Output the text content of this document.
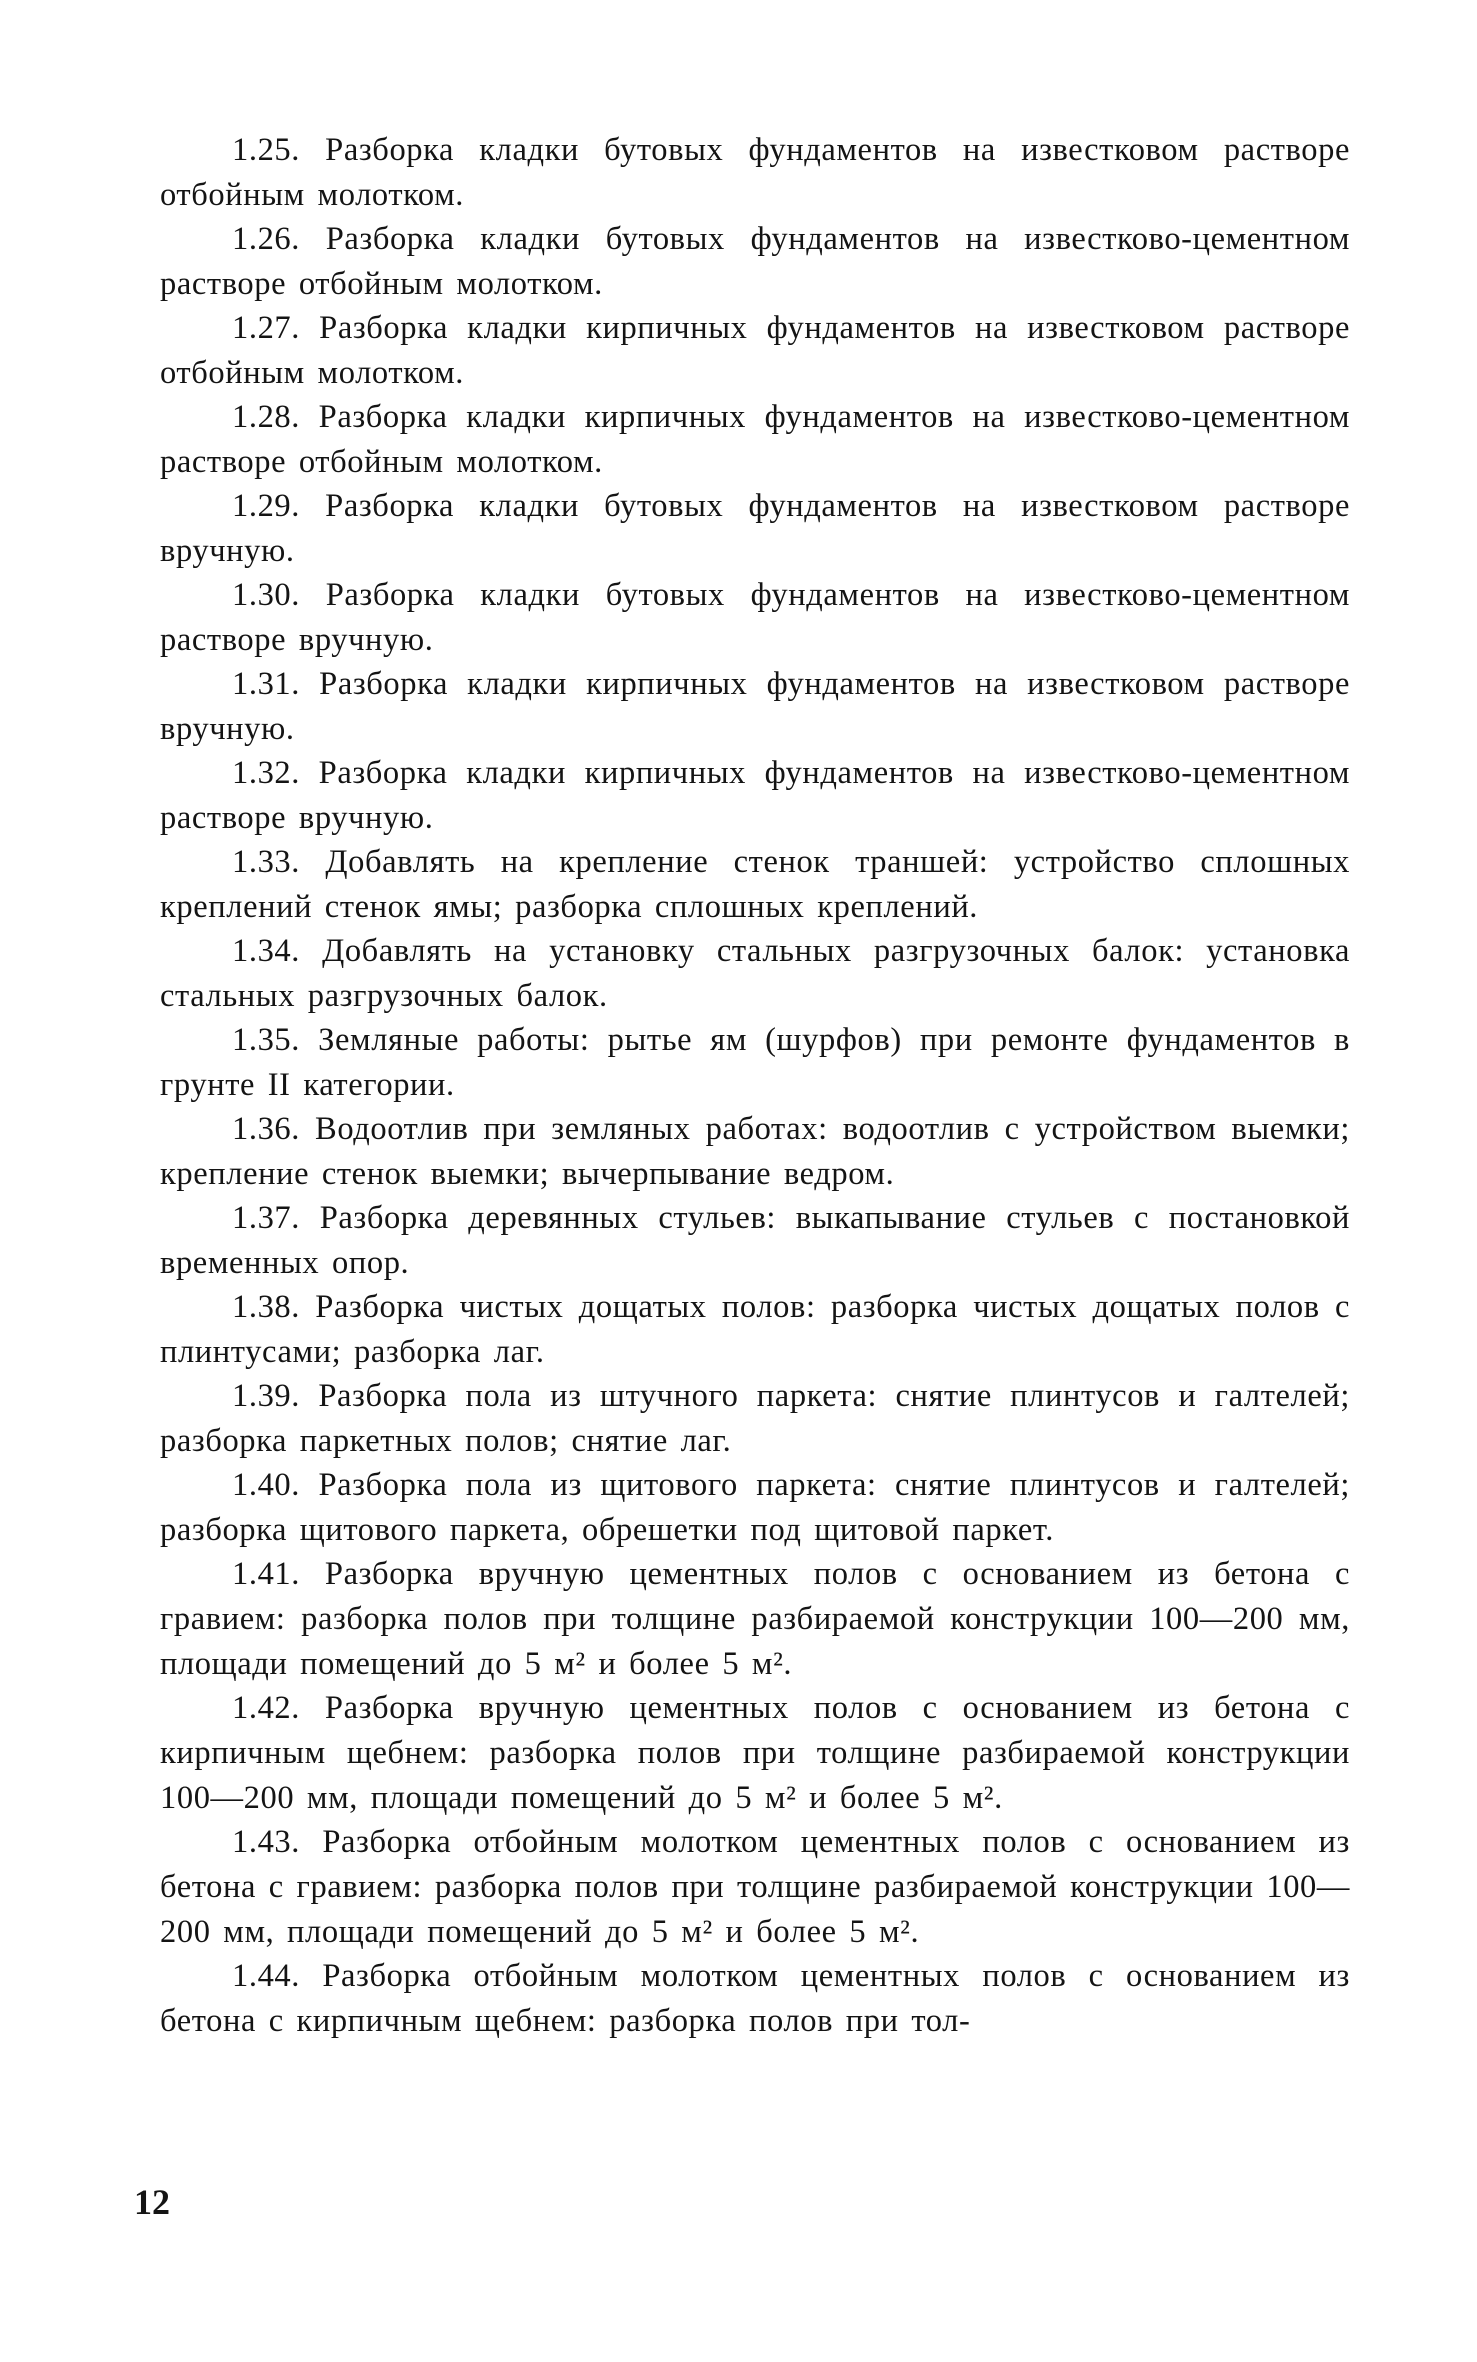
1.25. Разборка кладки бутовых фундаментов на известковом растворе отбойным молотком.

1.26. Разборка кладки бутовых фундаментов на известково-цементном растворе отбойным молотком.

1.27. Разборка кладки кирпичных фундаментов на известковом растворе отбойным молотком.

1.28. Разборка кладки кирпичных фундаментов на известково-цементном растворе отбойным молотком.

1.29. Разборка кладки бутовых фундаментов на известковом растворе вручную.

1.30. Разборка кладки бутовых фундаментов на известково-цементном растворе вручную.

1.31. Разборка кладки кирпичных фундаментов на известковом растворе вручную.

1.32. Разборка кладки кирпичных фундаментов на известково-цементном растворе вручную.

1.33. Добавлять на крепление стенок траншей: устройство сплошных креплений стенок ямы; разборка сплошных креплений.

1.34. Добавлять на установку стальных разгрузочных балок: установка стальных разгрузочных балок.

1.35. Земляные работы: рытье ям (шурфов) при ремонте фундаментов в грунте II категории.

1.36. Водоотлив при земляных работах: водоотлив с устройством выемки; крепление стенок выемки; вычерпывание ведром.

1.37. Разборка деревянных стульев: выкапывание стульев с постановкой временных опор.

1.38. Разборка чистых дощатых полов: разборка чистых дощатых полов с плинтусами; разборка лаг.

1.39. Разборка пола из штучного паркета: снятие плинтусов и галтелей; разборка паркетных полов; снятие лаг.

1.40. Разборка пола из щитового паркета: снятие плинтусов и галтелей; разборка щитового паркета, обрешетки под щитовой паркет.

1.41. Разборка вручную цементных полов с основанием из бетона с гравием: разборка полов при толщине разбираемой конструкции 100—200 мм, площади помещений до 5 м² и более 5 м².

1.42. Разборка вручную цементных полов с основанием из бетона с кирпичным щебнем: разборка полов при толщине разбираемой конструкции 100—200 мм, площади помещений до 5 м² и более 5 м².

1.43. Разборка отбойным молотком цементных полов с основанием из бетона с гравием: разборка полов при толщине разбираемой конструкции 100—200 мм, площади помещений до 5 м² и более 5 м².

1.44. Разборка отбойным молотком цементных полов с основанием из бетона с кирпичным щебнем: разборка полов при тол-

12
